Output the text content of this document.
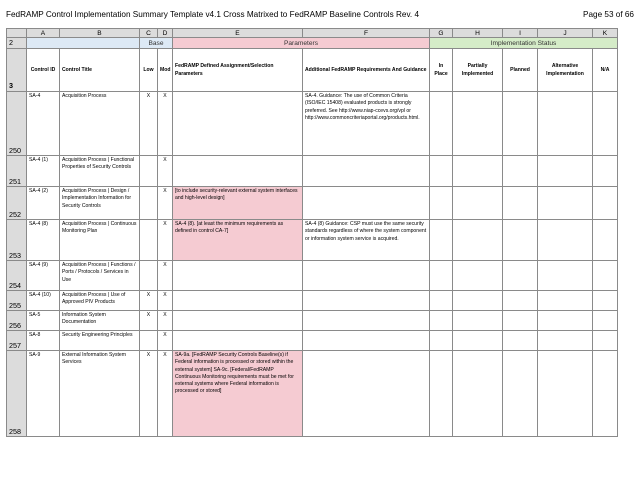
FedRAMP Control Implementation Summary Template v4.1 Cross Matrixed to FedRAMP Baseline Controls Rev. 4	Page 53 of 66
	A	B	C	D	E	F	G	H	I	J	K
2			Base		Parameters		Implementation Status				
3	Control ID	Control Title	Low	Mod	FedRAMP Defined Assignment/Selection Parameters	Additional FedRAMP Requirements And Guidance	In Place	Partially Implemented	Planned	Alternative Implementation	N/A
250	SA-4	Acquisition Process	X	X		SA-4. Guidance: The use of Common Criteria (ISO/IEC 15408) evaluated products is strongly preferred. See http://www.niap-ccevs.org/vpl or http://www.commoncriteriaportal.org/products.html.					
251	SA-4 (1)	Acquisition Process | Functional Properties of Security Controls		X							
252	SA-4 (2)	Acquisition Process | Design / Implementation Information for Security Controls		X	[to include security-relevant external system interfaces and high-level design]						
253	SA-4 (8)	Acquisition Process | Continuous Monitoring Plan		X	SA-4 (8). [at least the minimum requirements as defined in control CA-7]	SA-4 (8) Guidance: CSP must use the same security standards regardless of where the system component or information system service is acquired.					
254	SA-4 (9)	Acquisition Process | Functions / Ports / Protocols / Services in Use		X							
255	SA-4 (10)	Acquisition Process | Use of Approved PIV Products	X	X							
256	SA-5	Information System Documentation	X	X							
257	SA-8	Security Engineering Principles		X							
258	SA-9	External Information System Services	X	X	SA-9a. [FedRAMP Security Controls Baseline(s) if Federal information is processed or stored within the external system] SA-9c. [Federal/FedRAMP Continuous Monitoring requirements must be met for external systems where Federal information is processed or stored]						
